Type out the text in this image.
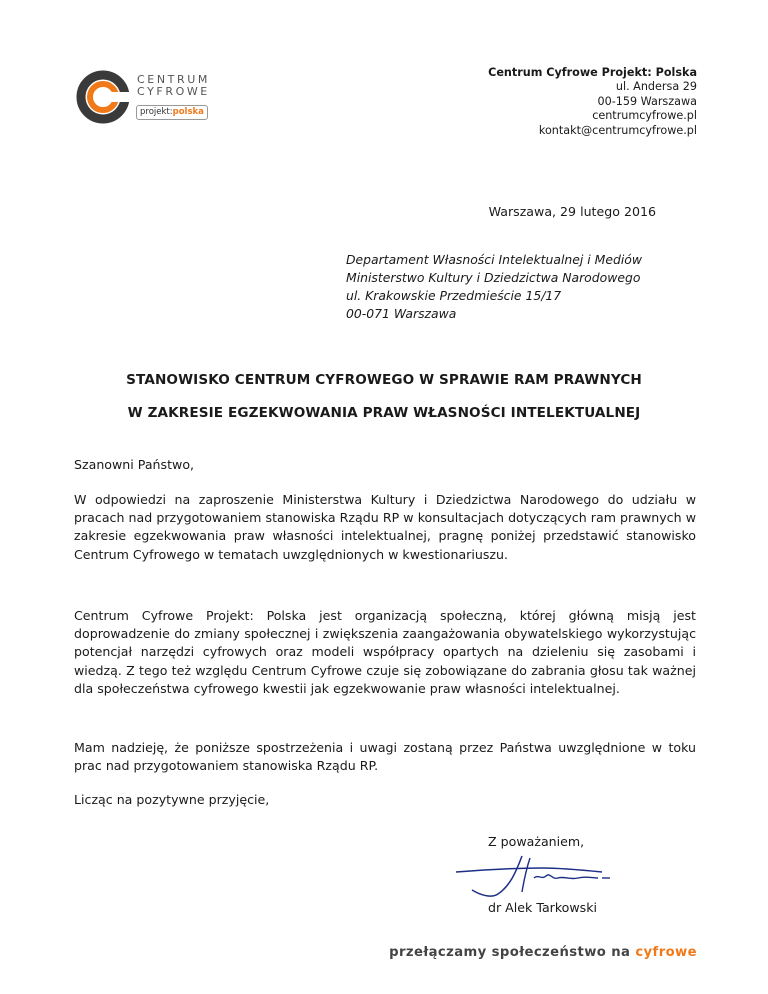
CENTRUM
CYFROWE
projekt:polska
Centrum Cyfrowe Projekt: Polska
ul. Andersa 29
00-159 Warszawa
centrumcyfrowe.pl
kontakt@centrumcyfrowe.pl
Warszawa, 29 lutego 2016
Departament Własności Intelektualnej i Mediów
Ministerstwo Kultury i Dziedzictwa Narodowego
ul. Krakowskie Przedmieście 15/17
00-071 Warszawa
STANOWISKO CENTRUM CYFROWEGO W SPRAWIE RAM PRAWNYCH
W ZAKRESIE EGZEKWOWANIA PRAW WŁASNOŚCI INTELEKTUALNEJ

Szanowni Państwo,

W odpowiedzi na zaproszenie Ministerstwa Kultury i Dziedzictwa Narodowego do udziału w pracach nad przygotowaniem stanowiska Rządu RP w konsultacjach dotyczących ram prawnych w zakresie egzekwowania praw własności intelektualnej, pragnę poniżej przedstawić stanowisko Centrum Cyfrowego w tematach uwzględnionych w kwestionariuszu.

Centrum Cyfrowe Projekt: Polska jest organizacją społeczną, której główną misją jest doprowadzenie do zmiany społecznej i zwiększenia zaangażowania obywatelskiego wykorzystując potencjał narzędzi cyfrowych oraz modeli współpracy opartych na dzieleniu się zasobami i wiedzą. Z tego też względu Centrum Cyfrowe czuje się zobowiązane do zabrania głosu tak ważnej dla społeczeństwa cyfrowego kwestii jak egzekwowanie praw własności intelektualnej.

Mam nadzieję, że poniższe spostrzeżenia i uwagi zostaną przez Państwa uwzględnione w toku prac nad przygotowaniem stanowiska Rządu RP.

Licząc na pozytywne przyjęcie,

Z poważaniem,
dr Alek Tarkowski
przełączamy społeczeństwo na cyfrowe
